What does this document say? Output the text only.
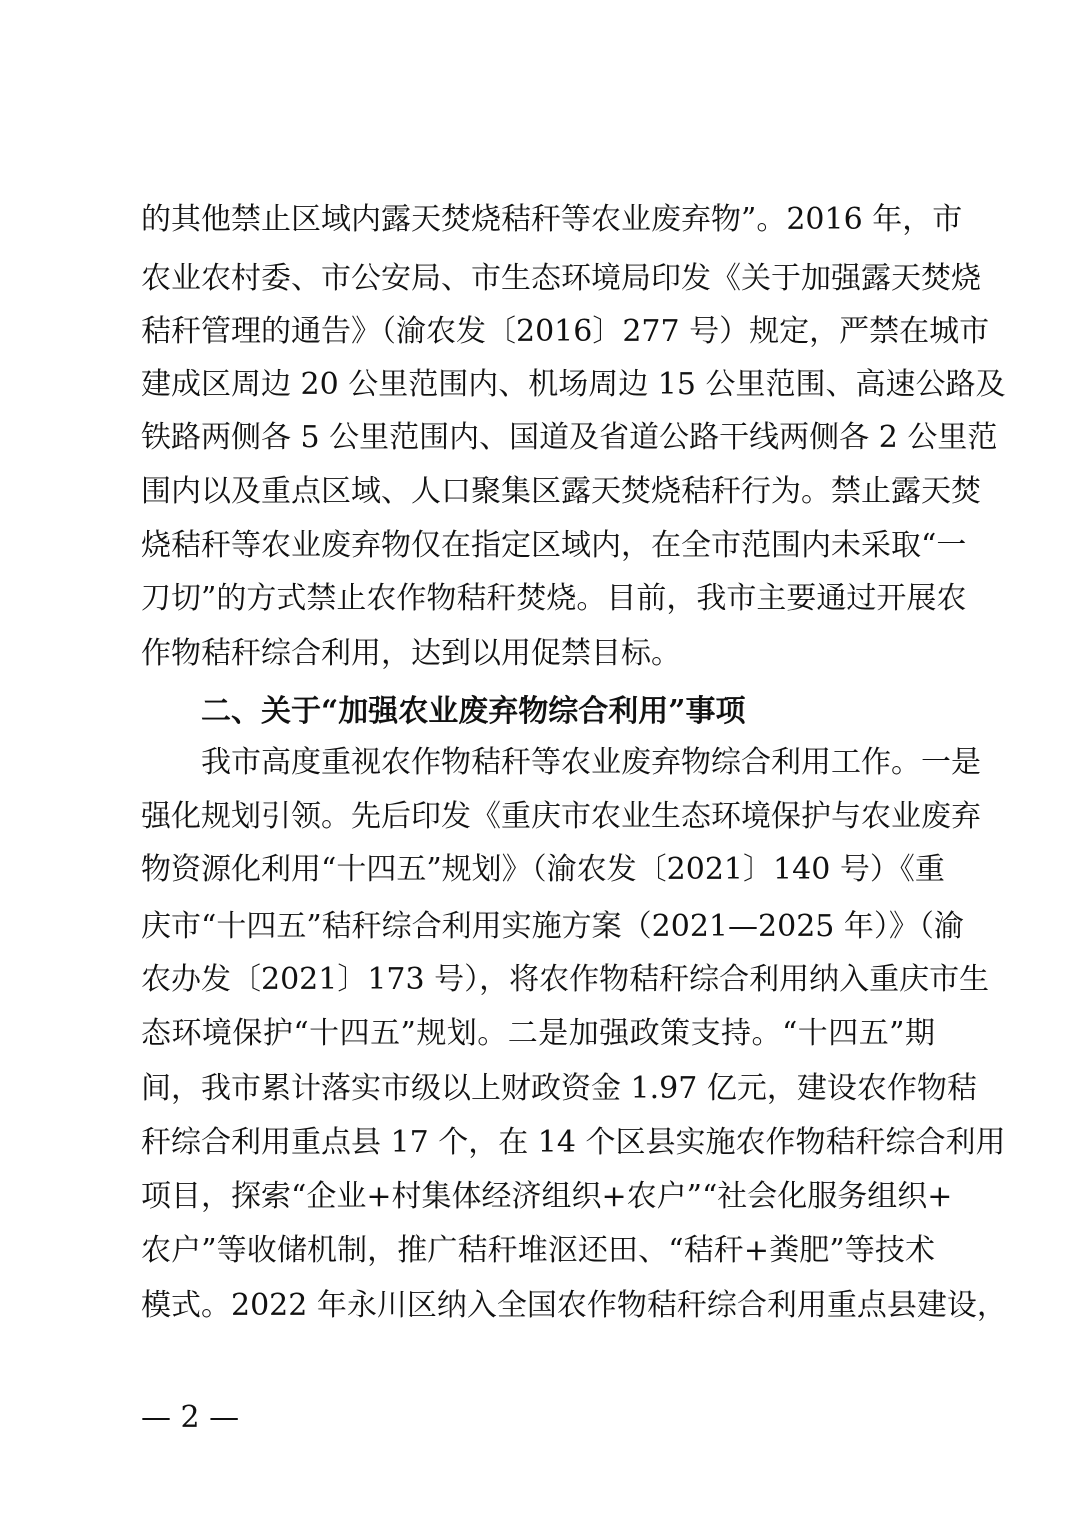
的其他禁止区域内露天焚烧秸秆等农业废弃物”。2016 年，市
农业农村委、市公安局、市生态环境局印发《关于加强露天焚烧
秸秆管理的通告》（渝农发〔2016〕277 号）规定，严禁在城市
建成区周边 20 公里范围内、机场周边 15 公里范围、高速公路及
铁路两侧各 5 公里范围内、国道及省道公路干线两侧各 2 公里范
围内以及重点区域、人口聚集区露天焚烧秸秆行为。禁止露天焚
烧秸秆等农业废弃物仅在指定区域内，在全市范围内未采取“一
刀切”的方式禁止农作物秸秆焚烧。目前，我市主要通过开展农
作物秸秆综合利用，达到以用促禁目标。
二、关于“加强农业废弃物综合利用”事项
我市高度重视农作物秸秆等农业废弃物综合利用工作。一是
强化规划引领。先后印发《重庆市农业生态环境保护与农业废弃
物资源化利用“十四五”规划》（渝农发〔2021〕140 号）《重
庆市“十四五”秸秆综合利用实施方案（2021—2025 年）》（渝
农办发〔2021〕173 号），将农作物秸秆综合利用纳入重庆市生
态环境保护“十四五”规划。二是加强政策支持。“十四五”期
间，我市累计落实市级以上财政资金 1.97 亿元，建设农作物秸
秆综合利用重点县 17 个，在 14 个区县实施农作物秸秆综合利用
项目，探索“企业+村集体经济组织+农户”“社会化服务组织+
农户”等收储机制，推广秸秆堆沤还田、“秸秆+粪肥”等技术
模式。2022 年永川区纳入全国农作物秸秆综合利用重点县建设，
— 2 —
